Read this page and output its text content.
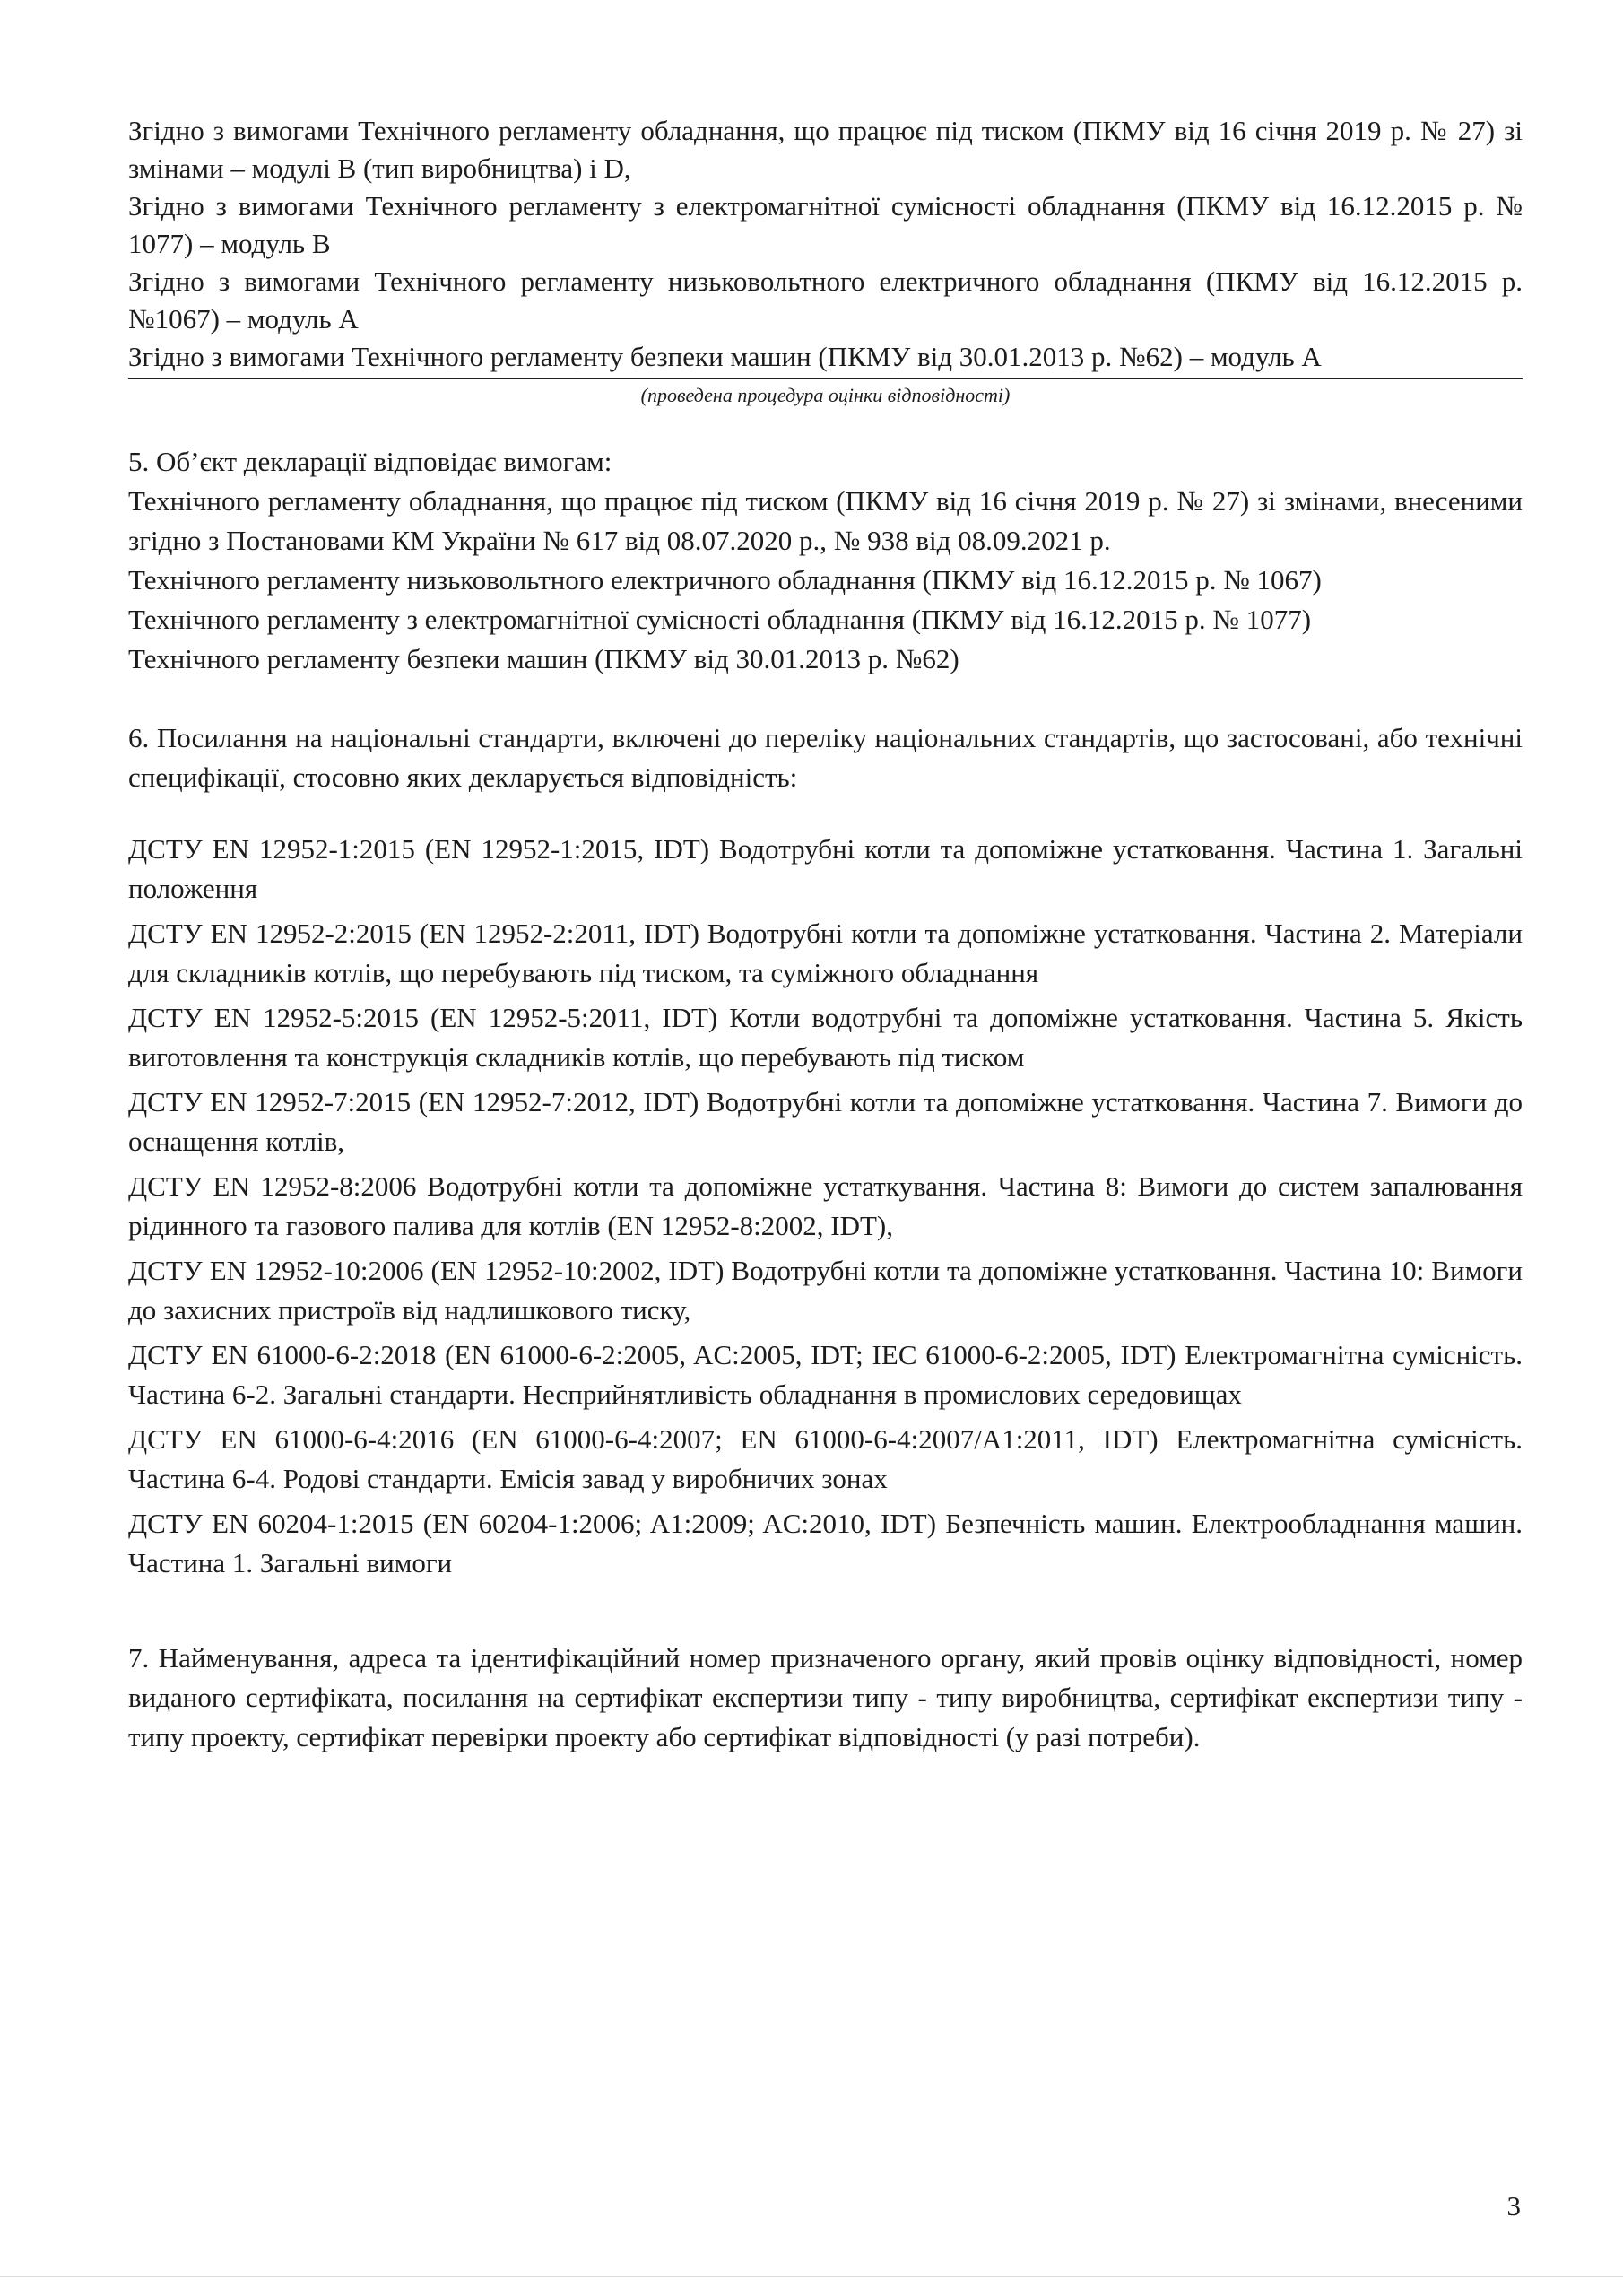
Згідно з вимогами Технічного регламенту обладнання, що працює під тиском (ПКМУ від 16 січня 2019 р. № 27) зі змінами – модулі B (тип виробництва) і D,

Згідно з вимогами Технічного регламенту з електромагнітної сумісності обладнання (ПКМУ від 16.12.2015 р. № 1077) – модуль В

Згідно з вимогами Технічного регламенту низьковольтного електричного обладнання (ПКМУ від 16.12.2015 р. №1067) – модуль А

Згідно з вимогами Технічного регламенту безпеки машин (ПКМУ від 30.01.2013 р. №62) – модуль А

(проведена процедура оцінки відповідності)

5. Об’єкт декларації відповідає вимогам:

Технічного регламенту обладнання, що працює під тиском (ПКМУ від 16 січня 2019 р. № 27) зі змінами, внесеними згідно з Постановами КМ України № 617 від 08.07.2020 р., № 938 від 08.09.2021 р.

Технічного регламенту низьковольтного електричного обладнання (ПКМУ від 16.12.2015 р. № 1067)

Технічного регламенту з електромагнітної сумісності обладнання (ПКМУ від 16.12.2015 р. № 1077)

Технічного регламенту безпеки машин (ПКМУ від 30.01.2013 р. №62)

6. Посилання на національні стандарти, включені до переліку національних стандартів, що застосовані, або технічні специфікації, стосовно яких декларується відповідність:

ДСТУ EN 12952-1:2015 (EN 12952-1:2015, IDT) Водотрубні котли та допоміжне устатковання. Частина 1. Загальні положення

ДСТУ EN 12952-2:2015 (EN 12952-2:2011, IDT) Водотрубні котли та допоміжне устатковання. Частина 2. Матеріали для складників котлів, що перебувають під тиском, та суміжного обладнання

ДСТУ EN 12952-5:2015 (EN 12952-5:2011, IDT) Котли водотрубні та допоміжне устатковання. Частина 5. Якість виготовлення та конструкція складників котлів, що перебувають під тиском

ДСТУ EN 12952-7:2015 (EN 12952-7:2012, IDT) Водотрубні котли та допоміжне устатковання. Частина 7. Вимоги до оснащення котлів,

ДСТУ EN 12952-8:2006 Водотрубні котли та допоміжне устаткування. Частина 8: Вимоги до систем запалювання рідинного та газового палива для котлів (EN 12952-8:2002, IDT),

ДСТУ EN 12952-10:2006 (EN 12952-10:2002, IDT) Водотрубні котли та допоміжне устатковання. Частина 10: Вимоги до захисних пристроїв від надлишкового тиску,

ДСТУ EN 61000-6-2:2018 (EN 61000-6-2:2005, AC:2005, IDT; IEC 61000-6-2:2005, IDT) Електромагнітна сумісність. Частина 6-2. Загальні стандарти. Несприйнятливість обладнання в промислових середовищах

ДСТУ EN 61000-6-4:2016 (EN 61000-6-4:2007; EN 61000-6-4:2007/A1:2011, IDT) Електромагнітна сумісність. Частина 6-4. Родові стандарти. Емісія завад у виробничих зонах

ДСТУ EN 60204-1:2015 (EN 60204-1:2006; A1:2009; AC:2010, IDT) Безпечність машин. Електрообладнання машин. Частина 1. Загальні вимоги

7. Найменування, адреса та ідентифікаційний номер призначеного органу, який провів оцінку відповідності, номер виданого сертифіката, посилання на сертифікат експертизи типу - типу виробництва, сертифікат експертизи типу - типу проекту, сертифікат перевірки проекту або сертифікат відповідності (у разі потреби).

3
